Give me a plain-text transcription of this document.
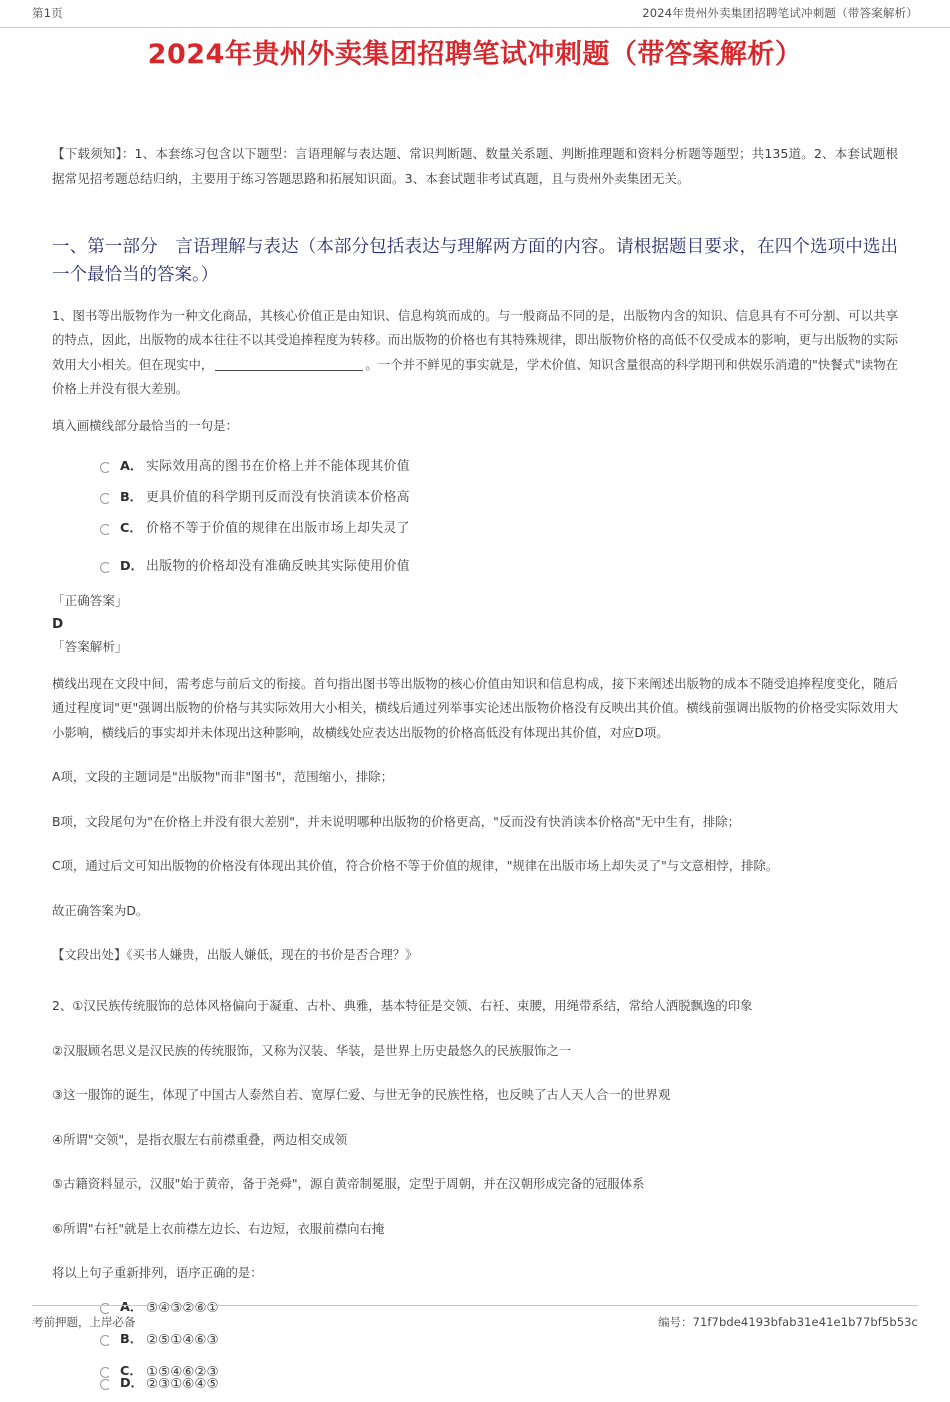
第1页	2024年贵州外卖集团招聘笔试冲刺题（带答案解析）
2024年贵州外卖集团招聘笔试冲刺题（带答案解析）
【下载须知】：1、本套练习包含以下题型：言语理解与表达题、常识判断题、数量关系题、判断推理题和资料分析题等题型；共135道。2、本套试题根据常见招考题总结归纳，主要用于练习答题思路和拓展知识面。3、本套试题非考试真题，且与贵州外卖集团无关。
一、第一部分　言语理解与表达（本部分包括表达与理解两方面的内容。请根据题目要求，在四个选项中选出一个最恰当的答案。）
1、图书等出版物作为一种文化商品，其核心价值正是由知识、信息构筑而成的。与一般商品不同的是，出版物内含的知识、信息具有不可分割、可以共享的特点，因此，出版物的成本往往不以其受追捧程度为转移。而出版物的价格也有其特殊规律，即出版物价格的高低不仅受成本的影响，更与出版物的实际效用大小相关。但在现实中，	。一个并不鲜见的事实就是，学术价值、知识含量很高的科学期刊和供娱乐消遣的"快餐式"读物在价格上并没有很大差别。
填入画横线部分最恰当的一句是：
A． 实际效用高的图书在价格上并不能体现其价值
B． 更具价值的科学期刊反而没有快消读本价格高
C． 价格不等于价值的规律在出版市场上却失灵了
D． 出版物的价格却没有准确反映其实际使用价值
「正确答案」
D
「答案解析」
横线出现在文段中间，需考虑与前后文的衔接。首句指出图书等出版物的核心价值由知识和信息构成，接下来阐述出版物的成本不随受追捧程度变化，随后通过程度词"更"强调出版物的价格与其实际效用大小相关，横线后通过列举事实论述出版物价格没有反映出其价值。横线前强调出版物的价格受实际效用大小影响，横线后的事实却并未体现出这种影响，故横线处应表达出版物的价格高低没有体现出其价值，对应D项。
A项，文段的主题词是"出版物"而非"图书"，范围缩小，排除；
B项，文段尾句为"在价格上并没有很大差别"，并未说明哪种出版物的价格更高，"反而没有快消读本价格高"无中生有，排除；
C项，通过后文可知出版物的价格没有体现出其价值，符合价格不等于价值的规律，"规律在出版市场上却失灵了"与文意相悖，排除。
故正确答案为D。
【文段出处】《买书人嫌贵，出版人嫌低，现在的书价是否合理？》
2、①汉民族传统服饰的总体风格偏向于凝重、古朴、典雅，基本特征是交领、右衽、束腰，用绳带系结，常给人洒脱飘逸的印象
②汉服顾名思义是汉民族的传统服饰，又称为汉装、华装，是世界上历史最悠久的民族服饰之一
③这一服饰的诞生，体现了中国古人泰然自若、宽厚仁爱、与世无争的民族性格，也反映了古人天人合一的世界观
④所谓"交领"，是指衣服左右前襟重叠，两边相交成领
⑤古籍资料显示，汉服"始于黄帝，备于尧舜"，源自黄帝制冕服，定型于周朝，并在汉朝形成完备的冠服体系
⑥所谓"右衽"就是上衣前襟左边长、右边短，衣服前襟向右掩
将以上句子重新排列，语序正确的是：
A． ⑤④③②⑥①
B． ②⑤①④⑥③
C． ①⑤④⑥②③
D． ②③①⑥④⑤
考前押题，上岸必备	编号：71f7bde4193bfab31e41e1b77bf5b53c
